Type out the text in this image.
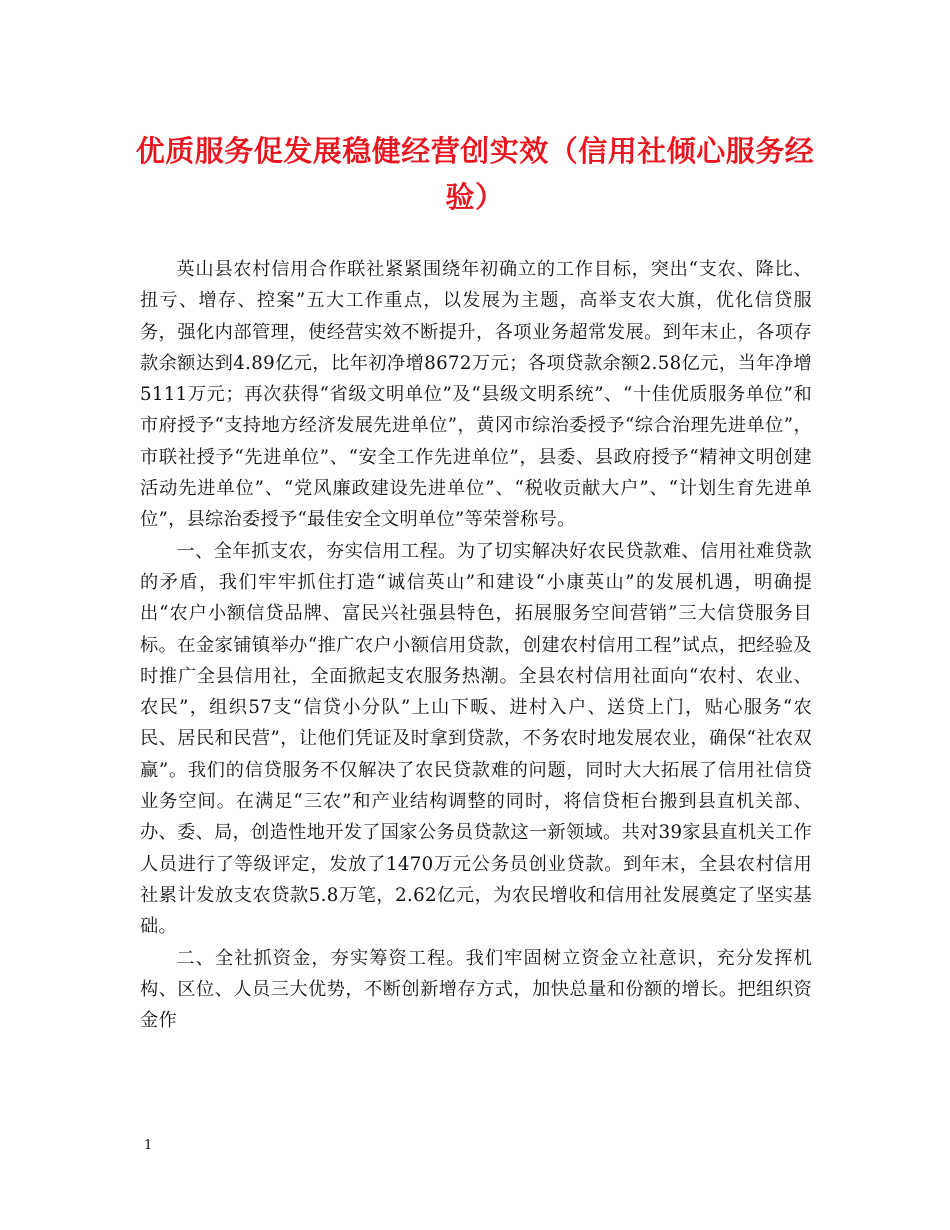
优质服务促发展稳健经营创实效（信用社倾心服务经验）

英山县农村信用合作联社紧紧围绕年初确立的工作目标，突出“支农、降比、扭亏、增存、控案”五大工作重点，以发展为主题，高举支农大旗，优化信贷服务，强化内部管理，使经营实效不断提升，各项业务超常发展。到年末止，各项存款余额达到4.89亿元，比年初净增8672万元；各项贷款余额2.58亿元，当年净增5111万元；再次获得“省级文明单位”及“县级文明系统”、“十佳优质服务单位”和市府授予“支持地方经济发展先进单位”，黄冈市综治委授予“综合治理先进单位”，市联社授予“先进单位”、“安全工作先进单位”，县委、县政府授予“精神文明创建活动先进单位”、“党风廉政建设先进单位”、“税收贡献大户”、“计划生育先进单位”，县综治委授予“最佳安全文明单位”等荣誉称号。

一、全年抓支农，夯实信用工程。为了切实解决好农民贷款难、信用社难贷款的矛盾，我们牢牢抓住打造“诚信英山”和建设“小康英山”的发展机遇，明确提出“农户小额信贷品牌、富民兴社强县特色，拓展服务空间营销”三大信贷服务目标。在金家铺镇举办“推广农户小额信用贷款，创建农村信用工程”试点，把经验及时推广全县信用社，全面掀起支农服务热潮。全县农村信用社面向“农村、农业、农民”，组织57支“信贷小分队”上山下畈、进村入户、送贷上门，贴心服务“农民、居民和民营”，让他们凭证及时拿到贷款，不务农时地发展农业，确保“社农双赢”。我们的信贷服务不仅解决了农民贷款难的问题，同时大大拓展了信用社信贷业务空间。在满足“三农”和产业结构调整的同时，将信贷柜台搬到县直机关部、办、委、局，创造性地开发了国家公务员贷款这一新领域。共对39家县直机关工作人员进行了等级评定，发放了1470万元公务员创业贷款。到年末，全县农村信用社累计发放支农贷款5.8万笔，2.62亿元，为农民增收和信用社发展奠定了坚实基础。

二、全社抓资金，夯实筹资工程。我们牢固树立资金立社意识，充分发挥机构、区位、人员三大优势，不断创新增存方式，加快总量和份额的增长。把组织资金作

1
